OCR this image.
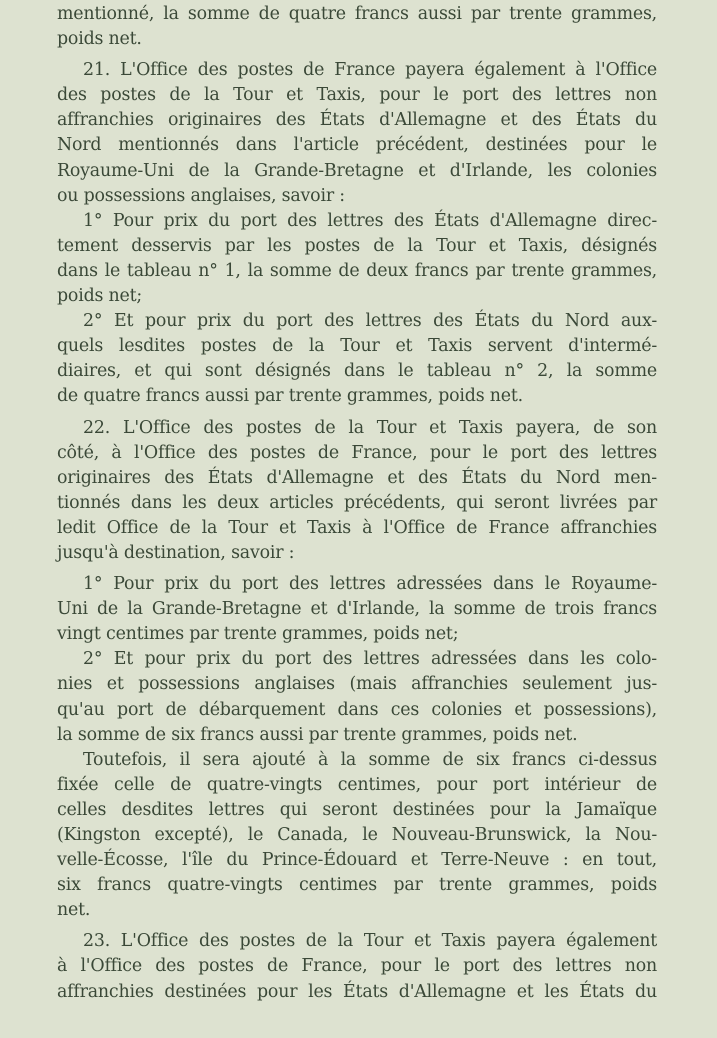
mentionné, la somme de quatre francs aussi par trente grammes,
poids net.
21. L'Office des postes de France payera également à l'Office
des postes de la Tour et Taxis, pour le port des lettres non
affranchies originaires des États d'Allemagne et des États du
Nord mentionnés dans l'article précédent, destinées pour le
Royaume-Uni de la Grande-Bretagne et d'Irlande, les colonies
ou possessions anglaises, savoir :
1° Pour prix du port des lettres des États d'Allemagne direc-
tement desservis par les postes de la Tour et Taxis, désignés
dans le tableau n° 1, la somme de deux francs par trente grammes,
poids net;
2° Et pour prix du port des lettres des États du Nord aux-
quels lesdites postes de la Tour et Taxis servent d'intermé-
diaires, et qui sont désignés dans le tableau n° 2, la somme
de quatre francs aussi par trente grammes, poids net.
22. L'Office des postes de la Tour et Taxis payera, de son
côté, à l'Office des postes de France, pour le port des lettres
originaires des États d'Allemagne et des États du Nord men-
tionnés dans les deux articles précédents, qui seront livrées par
ledit Office de la Tour et Taxis à l'Office de France affranchies
jusqu'à destination, savoir :
1° Pour prix du port des lettres adressées dans le Royaume-
Uni de la Grande-Bretagne et d'Irlande, la somme de trois francs
vingt centimes par trente grammes, poids net;
2° Et pour prix du port des lettres adressées dans les colo-
nies et possessions anglaises (mais affranchies seulement jus-
qu'au port de débarquement dans ces colonies et possessions),
la somme de six francs aussi par trente grammes, poids net.
Toutefois, il sera ajouté à la somme de six francs ci-dessus
fixée celle de quatre-vingts centimes, pour port intérieur de
celles desdites lettres qui seront destinées pour la Jamaïque
(Kingston excepté), le Canada, le Nouveau-Brunswick, la Nou-
velle-Écosse, l'île du Prince-Édouard et Terre-Neuve : en tout,
six francs quatre-vingts centimes par trente grammes, poids
net.
23. L'Office des postes de la Tour et Taxis payera également
à l'Office des postes de France, pour le port des lettres non
affranchies destinées pour les États d'Allemagne et les États du
